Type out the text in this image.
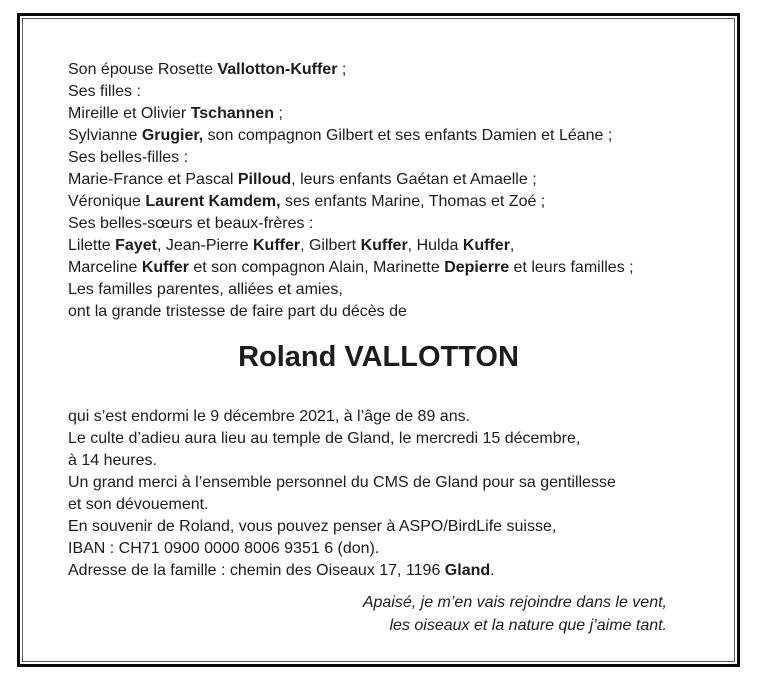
Son épouse Rosette Vallotton-Kuffer ;
Ses filles :
Mireille et Olivier Tschannen ;
Sylvianne Grugier, son compagnon Gilbert et ses enfants Damien et Léane ;
Ses belles-filles :
Marie-France et Pascal Pilloud, leurs enfants Gaétan et Amaelle ;
Véronique Laurent Kamdem, ses enfants Marine, Thomas et Zoé ;
Ses belles-sœurs et beaux-frères :
Lilette Fayet, Jean-Pierre Kuffer, Gilbert Kuffer, Hulda Kuffer,
Marceline Kuffer et son compagnon Alain, Marinette Depierre et leurs familles ;
Les familles parentes, alliées et amies,
ont la grande tristesse de faire part du décès de
Roland VALLOTTON
qui s’est endormi le 9 décembre 2021, à l’âge de 89 ans.
Le culte d’adieu aura lieu au temple de Gland, le mercredi 15 décembre,
à 14 heures.
Un grand merci à l’ensemble personnel du CMS de Gland pour sa gentillesse
et son dévouement.
En souvenir de Roland, vous pouvez penser à ASPO/BirdLife suisse,
IBAN : CH71 0900 0000 8006 9351 6 (don).
Adresse de la famille : chemin des Oiseaux 17, 1196 Gland.
Apaisé, je m’en vais rejoindre dans le vent,
les oiseaux et la nature que j’aime tant.
